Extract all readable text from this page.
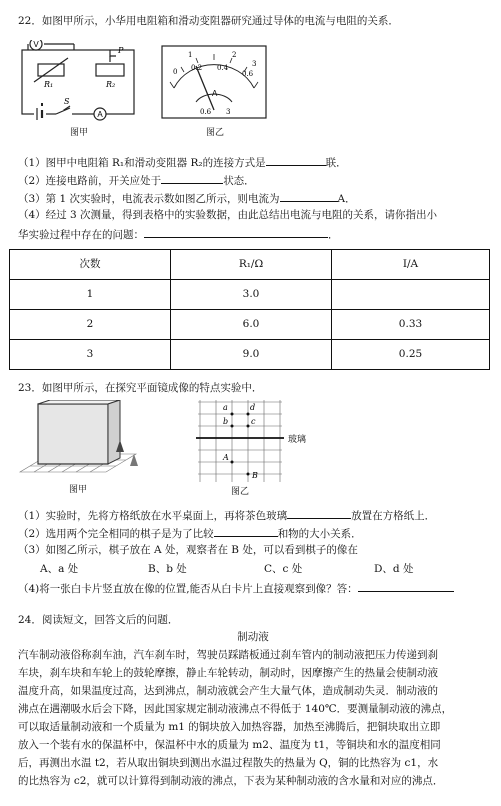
22．如图甲所示，小华用电阻箱和滑动变阻器研究通过导体的电流与电阻的关系．
V
A
P
R₁	R₂
S
图甲
0 0.2 0.4
0.6
1	2
3
A
0.6 3
图乙
（1）图甲中电阻箱 R₁和滑动变阻器 R₂的连接方式是	联．
（2）连接电路前，开关应处于	状态．
（3）第 1 次实验时，电流表示数如图乙所示，则电流为	A．
（4）经过 3 次测量，得到表格中的实验数据，由此总结出电流与电阻的关系，请你指出小
华实验过程中存在的问题：	．
次数	R₁/Ω	I/A
1	3.0	
2	6.0	0.33
3	9.0	0.25
23．如图甲所示，在探究平面镜成像的特点实验中．
图甲
a	d
b	c
A
B
玻璃
图乙
（1）实验时，先将方格纸放在水平桌面上，再将茶色玻璃	放置在方格纸上．
（2）选用两个完全相同的棋子是为了比较	和物的大小关系．
（3）如图乙所示，棋子放在 A 处，观察者在 B 处，可以看到棋子的像在
A、a 处	B、b 处	C、c 处	D、d 处
（4)将一张白卡片竖直放在像的位置,能否从白卡片上直接观察到像？答：
24．阅读短文，回答文后的问题．
制动液
汽车制动液俗称刹车油，汽车刹车时，驾驶员踩踏板通过刹车管内的制动液把压力传递到刹
车块，刹车块和车轮上的鼓轮摩擦，静止车轮转动，制动时，因摩擦产生的热量会使制动液
温度升高，如果温度过高，达到沸点，制动液就会产生大量气体，造成制动失灵．制动液的
沸点在遇潮吸水后会下降，因此国家规定制动液沸点不得低于 140℃．要测量制动液的沸点，
可以取适量制动液和一个质量为 m1 的铜块放入加热容器，加热至沸腾后，把铜块取出立即
放入一个装有水的保温杯中，保温杯中水的质量为 m2、温度为 t1，等铜块和水的温度相同
后，再测出水温 t2，若从取出铜块到测出水温过程散失的热量为 Q，铜的比热容为 c1，水
的比热容为 c2，就可以计算得到制动液的沸点，下表为某种制动液的含水量和对应的沸点．
